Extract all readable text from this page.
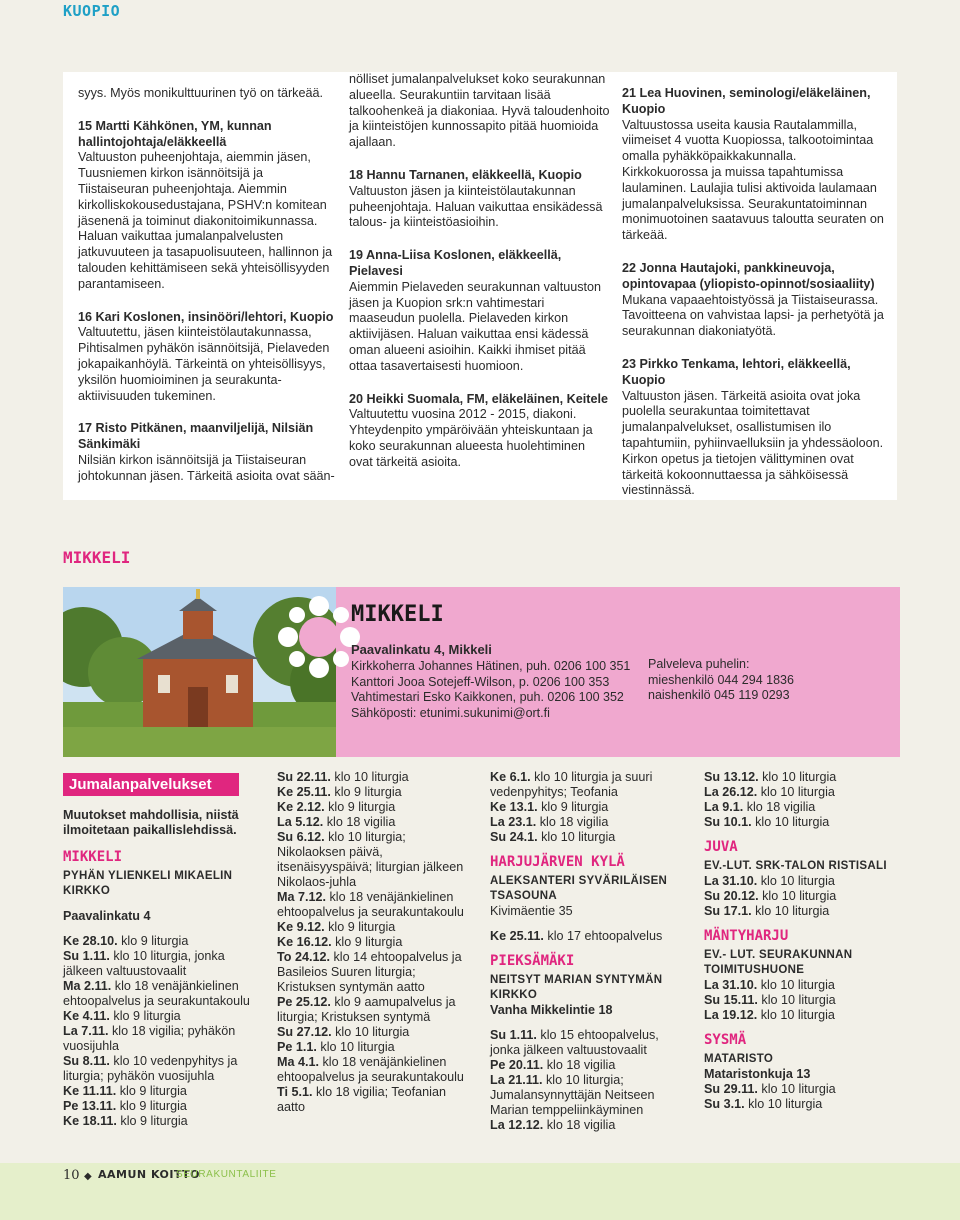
KUOPIO

syys. Myös monikulttuurinen työ on tärkeää.

15 Martti Kähkönen, YM, kunnan hallintojohtaja/eläkkeellä
Valtuuston puheenjohtaja, aiemmin jäsen, Tuusniemen kirkon isännöitsijä ja Tiistaiseuran puheenjohtaja. Aiemmin kirkolliskokousedustajana, PSHV:n komitean jäsenenä ja toiminut diakonitoimikunnassa. Haluan vaikuttaa jumalanpalvelusten jatkuvuuteen ja tasapuolisuuteen, hallinnon ja talouden kehittämiseen sekä yhteisöllisyyden parantamiseen.

16 Kari Koslonen, insinööri/lehtori, Kuopio
Valtuutettu, jäsen kiinteistölautakunnassa, Pihtisalmen pyhäkön isännöitsijä, Pielaveden jokapaikanhöylä. Tärkeintä on yhteisöllisyys, yksilön huomioiminen ja seurakunta-aktiivisuuden tukeminen.

17 Risto Pitkänen, maanviljelijä, Nilsiän Sänkimäki
Nilsiän kirkon isännöitsijä ja Tiistaiseuran johtokunnan jäsen. Tärkeitä asioita ovat sään-

nölliset jumalanpalvelukset koko seurakunnan alueella. Seurakuntiin tarvitaan lisää talkoohenkeä ja diakoniaa. Hyvä taloudenhoito ja kiinteistöjen kunnossapito pitää huomioida ajallaan.

18 Hannu Tarnanen, eläkkeellä, Kuopio
Valtuuston jäsen ja kiinteistölautakunnan puheenjohtaja. Haluan vaikuttaa ensikädessä talous- ja kiinteistöasioihin.

19 Anna-Liisa Koslonen, eläkkeellä, Pielavesi
Aiemmin Pielaveden seurakunnan valtuuston jäsen ja Kuopion srk:n vahtimestari maaseudun puolella. Pielaveden kirkon aktiivijäsen. Haluan vaikuttaa ensi kädessä oman alueeni asioihin. Kaikki ihmiset pitää ottaa tasavertaisesti huomioon.

20 Heikki Suomala, FM, eläkeläinen, Keitele
Valtuutettu vuosina 2012 - 2015, diakoni. Yhteydenpito ympäröivään yhteiskuntaan ja koko seurakunnan alueesta huolehtiminen ovat tärkeitä asioita.

21 Lea Huovinen, seminologi/eläkeläinen, Kuopio
Valtuustossa useita kausia Rautalammilla, viimeiset 4 vuotta Kuopiossa, talkootoimintaa omalla pyhäkköpaikkakunnalla. Kirkkokuorossa ja muissa tapahtumissa laulaminen. Laulajia tulisi aktivoida laulamaan jumalanpalveluksissa. Seurakuntatoiminnan monimuotoinen saatavuus taloutta seuraten on tärkeää.

22 Jonna Hautajoki, pankkineuvoja, opintovapaa (yliopisto-opinnot/sosiaaliity)
Mukana vapaaehtoistyössä ja Tiistaiseurassa. Tavoitteena on vahvistaa lapsi- ja perhetyötä ja seurakunnan diakoniatyötä.

23 Pirkko Tenkama, lehtori, eläkkeellä, Kuopio
Valtuuston jäsen. Tärkeitä asioita ovat joka puolella seurakuntaa toimitettavat jumalanpalvelukset, osallistumisen ilo tapahtumiin, pyhiinvaelluksiin ja yhdessäoloon. Kirkon opetus ja tietojen välittyminen ovat tärkeitä kokoonnuttaessa ja sähköisessä viestinnässä.

MIKKELI
MIKKELI
Paavalinkatu 4, Mikkeli
Kirkkoherra Johannes Hätinen, puh. 0206 100 351
Kanttori Jooa Sotejeff-Wilson, p. 0206 100 353
Vahtimestari Esko Kaikkonen, puh. 0206 100 352
Sähköposti: etunimi.sukunimi@ort.fi
Palveleva puhelin:
mieshenkilö 044 294 1836
naishenkilö 045 119 0293
Jumalanpalvelukset
Muutokset mahdollisia, niistä ilmoitetaan paikallislehdissä.
MIKKELI
PYHÄN YLIENKELI MIKAELIN KIRKKO
Paavalinkatu 4
Ke 28.10. klo 9 liturgia
Su 1.11. klo 10 liturgia, jonka jälkeen valtuustovaalit
Ma 2.11. klo 18 venäjänkielinen ehtoopalvelus ja seurakuntakoulu
Ke 4.11. klo 9 liturgia
La 7.11. klo 18 vigilia; pyhäkön vuosijuhla
Su 8.11. klo 10 vedenpyhitys ja liturgia; pyhäkön vuosijuhla
Ke 11.11. klo 9 liturgia
Pe 13.11. klo 9 liturgia
Ke 18.11. klo 9 liturgia
Su 22.11. klo 10 liturgia
Ke 25.11. klo 9 liturgia
Ke 2.12. klo 9 liturgia
La 5.12. klo 18 vigilia
Su 6.12. klo 10 liturgia; Nikolaoksen päivä, itsenäisyyspäivä; liturgian jälkeen Nikolaos-juhla
Ma 7.12. klo 18 venäjänkielinen ehtoopalvelus ja seurakuntakoulu
Ke 9.12. klo 9 liturgia
Ke 16.12. klo 9 liturgia
To 24.12. klo 14 ehtoopalvelus ja Basileios Suuren liturgia; Kristuksen syntymän aatto
Pe 25.12. klo 9 aamupalvelus ja liturgia; Kristuksen syntymä
Su 27.12. klo 10 liturgia
Pe 1.1. klo 10 liturgia
Ma 4.1. klo 18 venäjänkielinen ehtoopalvelus ja seurakuntakoulu
Ti 5.1. klo 18 vigilia; Teofanian aatto
Ke 6.1. klo 10 liturgia ja suuri vedenpyhitys; Teofania
Ke 13.1. klo 9 liturgia
La 23.1. klo 18 vigilia
Su 24.1. klo 10 liturgia
HARJUJÄRVEN KYLÄ
ALEKSANTERI SYVÄRILÄISEN TSASOUNA
Kivimäentie 35
Ke 25.11. klo 17 ehtoopalvelus
PIEKSÄMÄKI
NEITSYT MARIAN SYNTYMÄN KIRKKO
Vanha Mikkelintie 18
Su 1.11. klo 15 ehtoopalvelus, jonka jälkeen valtuustovaalit
Pe 20.11. klo 18 vigilia
La 21.11. klo 10 liturgia; Jumalansynnyttäjän Neitseen Marian temppeliinkäyminen
La 12.12. klo 18 vigilia
Su 13.12. klo 10 liturgia
La 26.12. klo 10 liturgia
La 9.1. klo 18 vigilia
Su 10.1. klo 10 liturgia
JUVA
EV.-LUT. SRK-TALON RISTISALI
La 31.10. klo 10 liturgia
Su 20.12. klo 10 liturgia
Su 17.1. klo 10 liturgia
MÄNTYHARJU
EV.- LUT. SEURAKUNNAN TOIMITUSHUONE
La 31.10. klo 10 liturgia
Su 15.11. klo 10 liturgia
La 19.12. klo 10 liturgia
SYSMÄ
MATARISTO
Mataristonkuja 13
Su 29.11. klo 10 liturgia
Su 3.1. klo 10 liturgia
10 ◆ AAMUN KOITTO
SEURAKUNTALIITE
